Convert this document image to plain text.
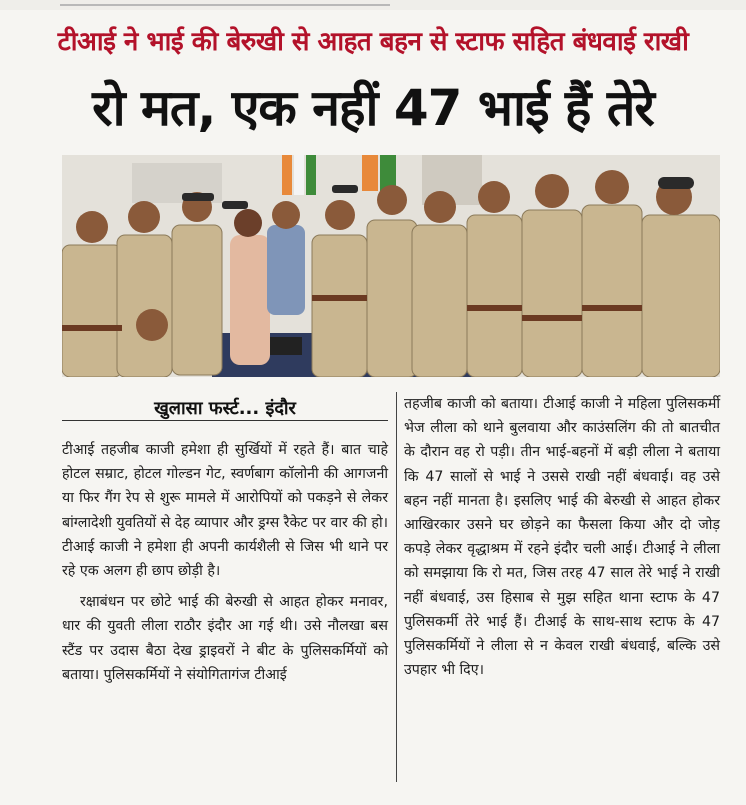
टीआई ने भाई की बेरुखी से आहत बहन से स्टाफ सहित बंधवाई राखी
रो मत, एक नहीं 47 भाई हैं तेरे
खुलासा फर्स्ट... इंदौर

टीआई तहजीब काजी हमेशा ही सुर्खियों में रहते हैं। बात चाहे होटल सम्राट, होटल गोल्डन गेट, स्वर्णबाग कॉलोनी की आगजनी या फिर गैंग रेप से शुरू मामले में आरोपियों को पकड़ने से लेकर बांग्लादेशी युवतियों से देह व्यापार और ड्रग्स रैकेट पर वार की हो। टीआई काजी ने हमेशा ही अपनी कार्यशैली से जिस भी थाने पर रहे एक अलग ही छाप छोड़ी है।

रक्षाबंधन पर छोटे भाई की बेरुखी से आहत होकर मनावर, धार की युवती लीला राठौर इंदौर आ गई थी। उसे नौलखा बस स्टैंड पर उदास बैठा देख ड्राइवरों ने बीट के पुलिसकर्मियों को बताया। पुलिसकर्मियों ने संयोगितागंज टीआई

तहजीब काजी को बताया। टीआई काजी ने महिला पुलिसकर्मी भेज लीला को थाने बुलवाया और काउंसलिंग की तो बातचीत के दौरान वह रो पड़ी। तीन भाई-बहनों में बड़ी लीला ने बताया कि 47 सालों से भाई ने उससे राखी नहीं बंधवाई। वह उसे बहन नहीं मानता है। इसलिए भाई की बेरुखी से आहत होकर आखिरकार उसने घर छोड़ने का फैसला किया और दो जोड़ कपड़े लेकर वृद्धाश्रम में रहने इंदौर चली आई। टीआई ने लीला को समझाया कि रो मत, जिस तरह 47 साल तेरे भाई ने राखी नहीं बंधवाई, उस हिसाब से मुझ सहित थाना स्टाफ के 47 पुलिसकर्मी तेरे भाई हैं। टीआई के साथ-साथ स्टाफ के 47 पुलिसकर्मियों ने लीला से न केवल राखी बंधवाई, बल्कि उसे उपहार भी दिए।
